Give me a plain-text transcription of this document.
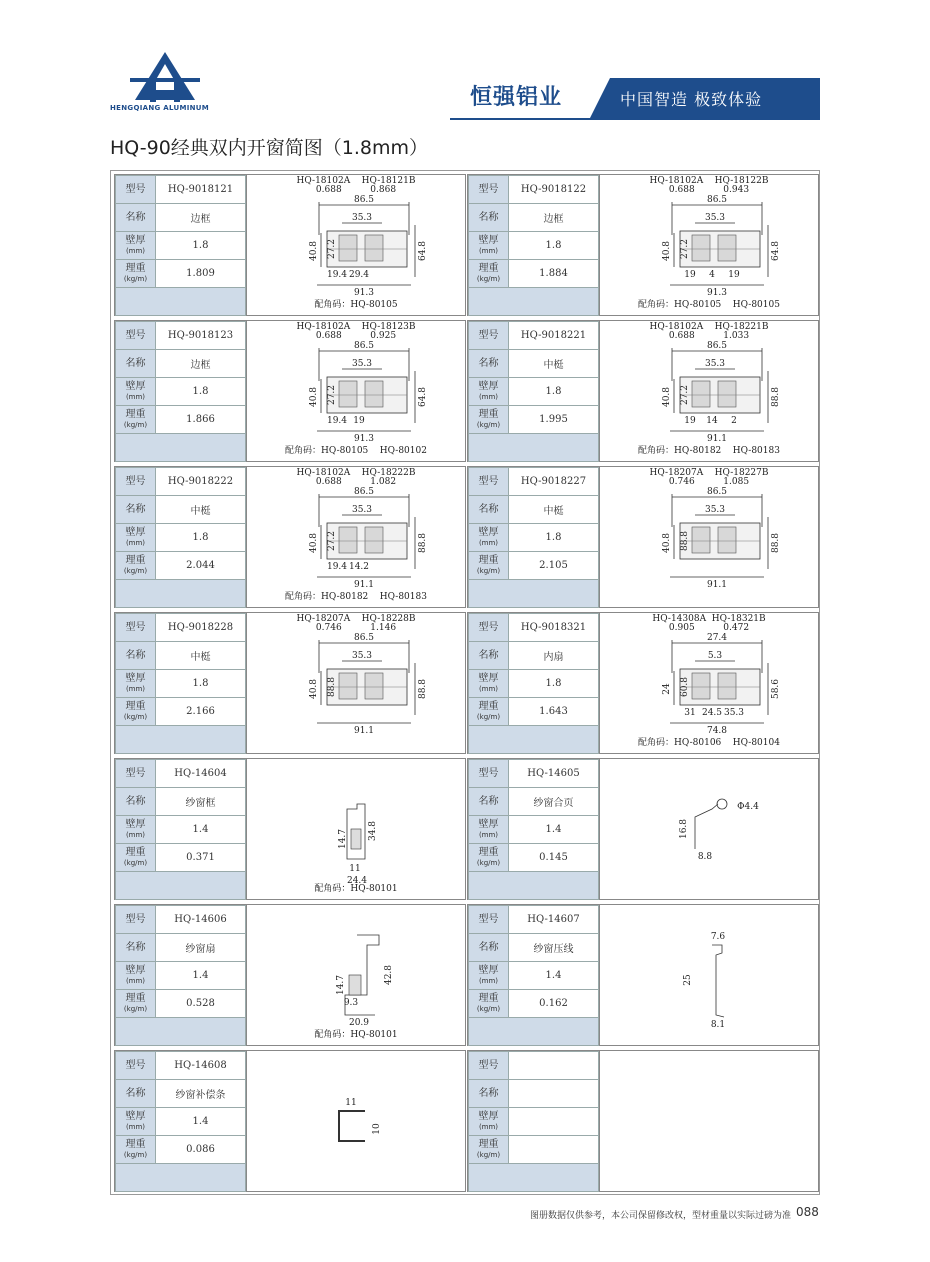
HENGQIANG ALUMINUM	恒强铝业	中国智造 极致体验
HQ-90经典双内开窗简图（1.8mm）
型号	HQ-9018121
名称	边框
壁厚
(mm)	1.8
理重
(kg/m)	1.809

HQ-18102A    HQ-18121B
0.688          0.868
86.5
35.3
40.8 27.2
91.3
64.8
19.4 29.4
配角码：HQ-80105
型号	HQ-9018122
名称	边框
壁厚
(mm)	1.8
理重
(kg/m)	1.884

HQ-18102A    HQ-18122B
0.688          0.943
86.5
35.3
40.8 27.2
91.3
64.8
19 4 19
配角码：HQ-80105    HQ-80105
型号	HQ-9018123
名称	边框
壁厚
(mm)	1.8
理重
(kg/m)	1.866

HQ-18102A    HQ-18123B
0.688          0.925
86.5
35.3
40.8 27.2
91.3
64.8
19.4 19
配角码：HQ-80105    HQ-80102
型号	HQ-9018221
名称	中梃
壁厚
(mm)	1.8
理重
(kg/m)	1.995

HQ-18102A    HQ-18221B
0.688          1.033
86.5
35.3
40.8 27.2
91.1
88.8
19 14 2
配角码：HQ-80182    HQ-80183
型号	HQ-9018222
名称	中梃
壁厚
(mm)	1.8
理重
(kg/m)	2.044

HQ-18102A    HQ-18222B
0.688          1.082
86.5
35.3
40.8 27.2
91.1
88.8
19.4 14.2
配角码：HQ-80182    HQ-80183
型号	HQ-9018227
名称	中梃
壁厚
(mm)	1.8
理重
(kg/m)	2.105

HQ-18207A    HQ-18227B
0.746          1.085
86.5
35.3
40.8 88.8
91.1
88.8
型号	HQ-9018228
名称	中梃
壁厚
(mm)	1.8
理重
(kg/m)	2.166

HQ-18207A    HQ-18228B
0.746          1.146
86.5
35.3
40.8 88.8
91.1
88.8
型号	HQ-9018321
名称	内扇
壁厚
(mm)	1.8
理重
(kg/m)	1.643

HQ-14308A  HQ-18321B
0.905          0.472
27.4
5.3
24 60.8
74.8
58.6
31 24.5 35.3
配角码：HQ-80106    HQ-80104
型号	HQ-14604
名称	纱窗框
壁厚
(mm)	1.4
理重
(kg/m)	0.371

34.8
14.7
11
24.4
配角码：HQ-80101
型号	HQ-14605
名称	纱窗合页
壁厚
(mm)	1.4
理重
(kg/m)	0.145

Φ4.4
16.8
8.8
型号	HQ-14606
名称	纱窗扇
壁厚
(mm)	1.4
理重
(kg/m)	0.528

42.8
14.7
9.3
20.9
配角码：HQ-80101
型号	HQ-14607
名称	纱窗压线
壁厚
(mm)	1.4
理重
(kg/m)	0.162

7.6
25
8.1
型号	HQ-14608
名称	纱窗补偿条
壁厚
(mm)	1.4
理重
(kg/m)	0.086

11
10
型号	
名称	
壁厚
(mm)	
理重
(kg/m)	

图册数据仅供参考，本公司保留修改权，型材重量以实际过磅为准 088
